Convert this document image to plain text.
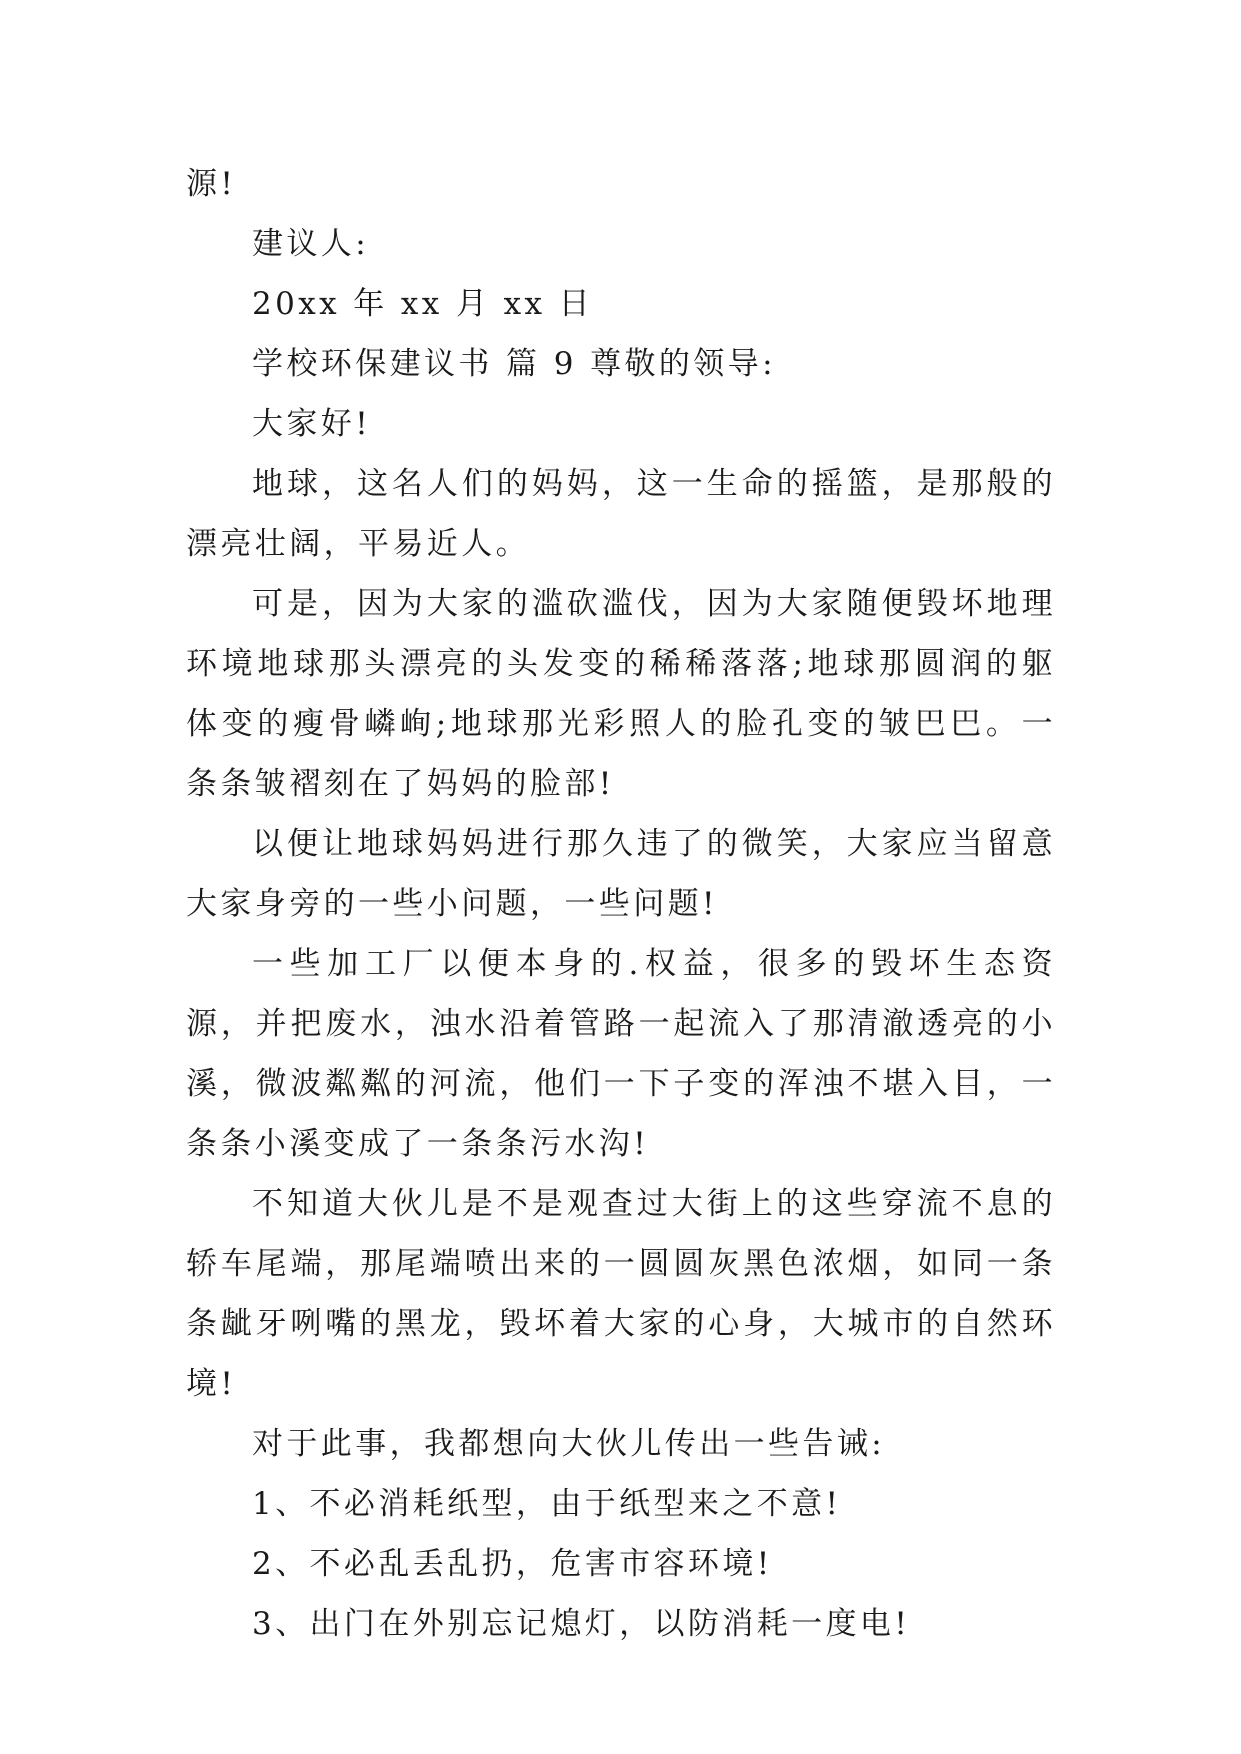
源!

建议人:

20xx 年 xx 月 xx 日

学校环保建议书 篇 9 尊敬的领导:

大家好!

地球，这名人们的妈妈，这一生命的摇篮，是那般的漂亮壮阔，平易近人。

可是，因为大家的滥砍滥伐，因为大家随便毁坏地理环境地球那头漂亮的头发变的稀稀落落;地球那圆润的躯体变的瘦骨嶙峋;地球那光彩照人的脸孔变的皱巴巴。一条条皱褶刻在了妈妈的脸部!

以便让地球妈妈进行那久违了的微笑，大家应当留意大家身旁的一些小问题，一些问题!

一些加工厂以便本身的.权益，很多的毁坏生态资源，并把废水，浊水沿着管路一起流入了那清澈透亮的小溪，微波粼粼的河流，他们一下子变的浑浊不堪入目，一条条小溪变成了一条条污水沟!

不知道大伙儿是不是观查过大街上的这些穿流不息的轿车尾端，那尾端喷出来的一圆圆灰黑色浓烟，如同一条条龇牙咧嘴的黑龙，毁坏着大家的心身，大城市的自然环境!

对于此事，我都想向大伙儿传出一些告诫:

1、不必消耗纸型，由于纸型来之不意!

2、不必乱丢乱扔，危害市容环境!

3、出门在外别忘记熄灯，以防消耗一度电!
